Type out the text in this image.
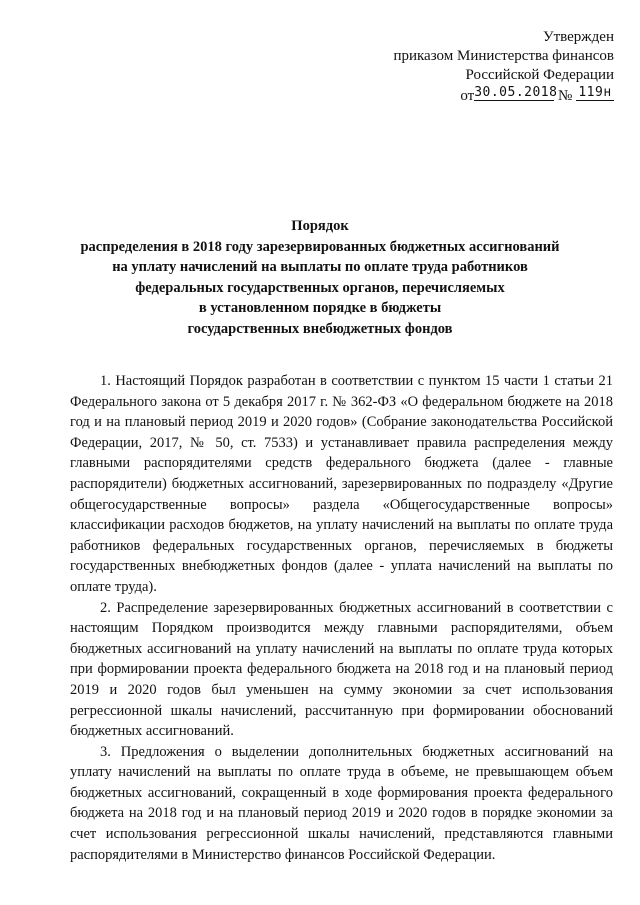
Утвержден
приказом Министерства финансов
Российской Федерации
от30.05.2018 № 119н
Порядок
распределения в 2018 году зарезервированных бюджетных ассигнований
на уплату начислений на выплаты по оплате труда работников
федеральных государственных органов, перечисляемых
в установленном порядке в бюджеты
государственных внебюджетных фондов

1. Настоящий Порядок разработан в соответствии с пунктом 15 части 1 статьи 21 Федерального закона от 5 декабря 2017 г. № 362-ФЗ «О федеральном бюджете на 2018 год и на плановый период 2019 и 2020 годов» (Собрание законодательства Российской Федерации, 2017, № 50, ст. 7533) и устанавливает правила распределения между главными распорядителями средств федерального бюджета (далее - главные распорядители) бюджетных ассигнований, зарезервированных по подразделу «Другие общегосударственные вопросы» раздела «Общегосударственные вопросы» классификации расходов бюджетов, на уплату начислений на выплаты по оплате труда работников федеральных государственных органов, перечисляемых в бюджеты государственных внебюджетных фондов (далее - уплата начислений на выплаты по оплате труда).

2. Распределение зарезервированных бюджетных ассигнований в соответствии с настоящим Порядком производится между главными распорядителями, объем бюджетных ассигнований на уплату начислений на выплаты по оплате труда которых при формировании проекта федерального бюджета на 2018 год и на плановый период 2019 и 2020 годов был уменьшен на сумму экономии за счет использования регрессионной шкалы начислений, рассчитанную при формировании обоснований бюджетных ассигнований.

3. Предложения о выделении дополнительных бюджетных ассигнований на уплату начислений на выплаты по оплате труда в объеме, не превышающем объем бюджетных ассигнований, сокращенный в ходе формирования проекта федерального бюджета на 2018 год и на плановый период 2019 и 2020 годов в порядке экономии за счет использования регрессионной шкалы начислений, представляются главными распорядителями в Министерство финансов Российской Федерации.
